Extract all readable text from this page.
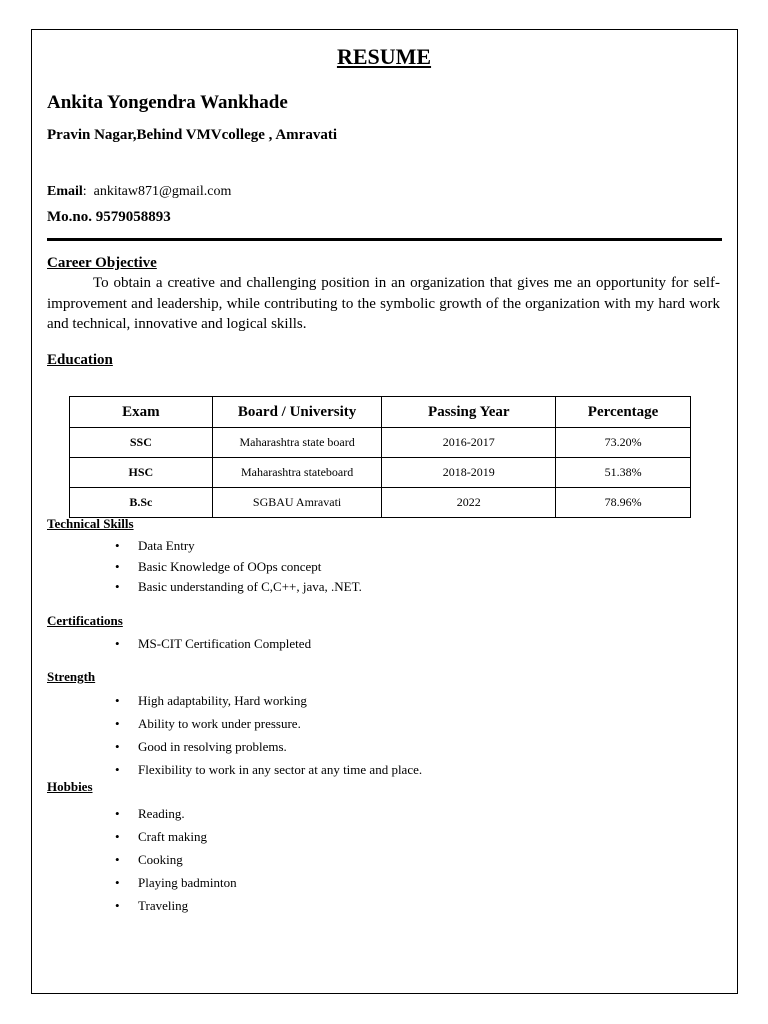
RESUME
Ankita Yongendra Wankhade
Pravin Nagar,Behind VMVcollege , Amravati
Email:  ankitaw871@gmail.com
Mo.no. 9579058893
Career Objective
To obtain a creative and challenging position in an organization that gives me an opportunity for self-improvement and leadership, while contributing to the symbolic growth of the organization with my hard work and technical, innovative and logical skills.
Education
Exam	Board / University	Passing Year	Percentage
SSC	Maharashtra state board	2016-2017	73.20%
HSC	Maharashtra stateboard	2018-2019	51.38%
B.Sc	SGBAU Amravati	2022	78.96%
Technical Skills
• Data Entry
• Basic Knowledge of OOps concept
• Basic understanding of C,C++, java, .NET.
Certifications
• MS-CIT Certification Completed
Strength
• High adaptability, Hard working
• Ability to work under pressure.
• Good in resolving problems.
• Flexibility to work in any sector at any time and place.
Hobbies
• Reading.
• Craft making
• Cooking
• Playing badminton
• Traveling
